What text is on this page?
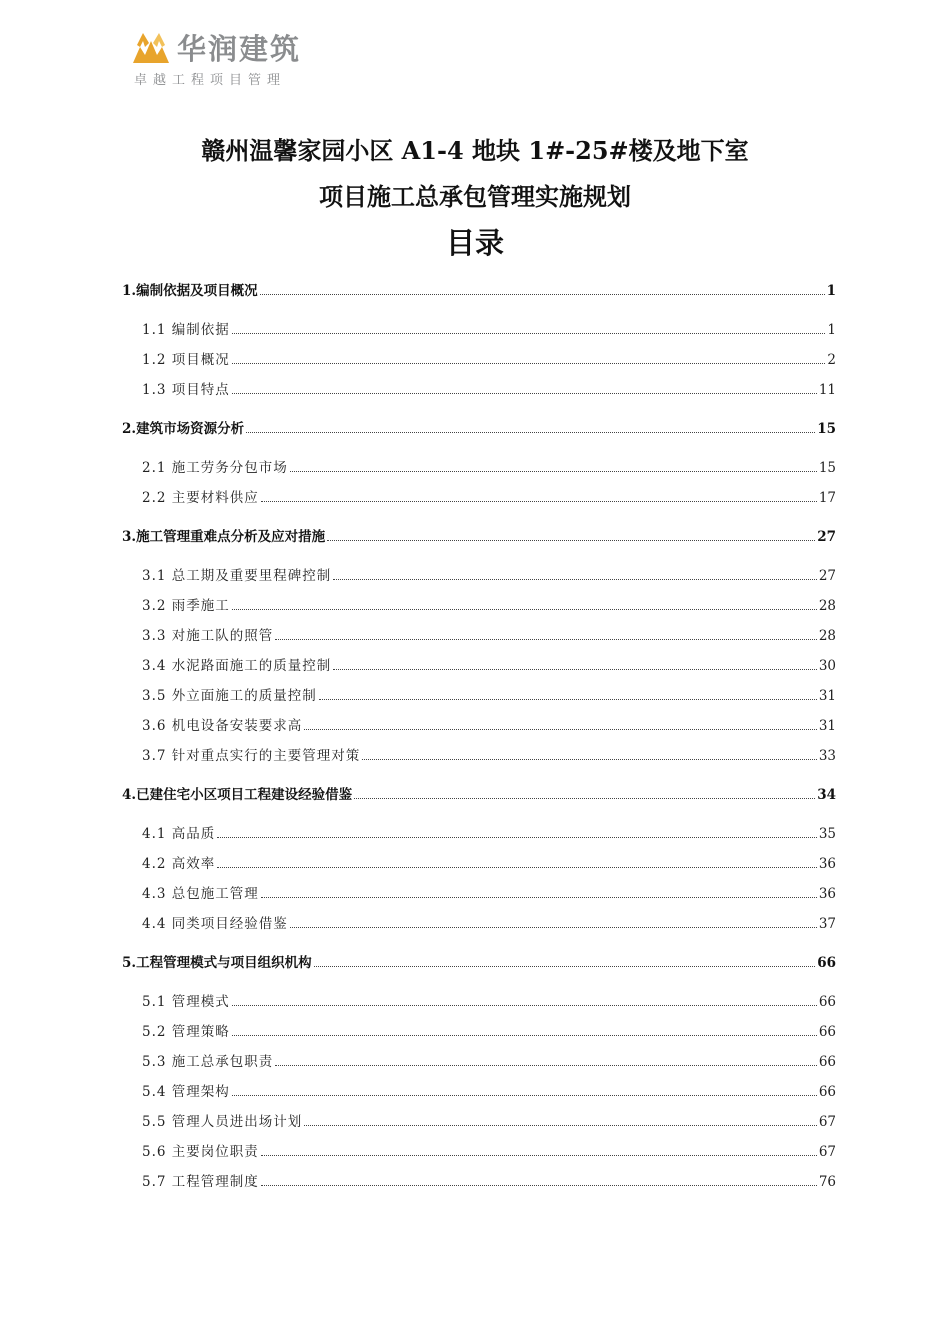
华润建筑
卓越工程项目管理
赣州温馨家园小区 A1-4 地块 1#-25#楼及地下室
项目施工总承包管理实施规划
目录
1.编制依据及项目概况	1
1.1 编制依据	1
1.2 项目概况	2
1.3 项目特点	11
2.建筑市场资源分析	15
2.1 施工劳务分包市场	15
2.2 主要材料供应	17
3.施工管理重难点分析及应对措施	27
3.1 总工期及重要里程碑控制	27
3.2 雨季施工	28
3.3 对施工队的照管	28
3.4 水泥路面施工的质量控制	30
3.5 外立面施工的质量控制	31
3.6 机电设备安装要求高	31
3.7 针对重点实行的主要管理对策	33
4.已建住宅小区项目工程建设经验借鉴	34
4.1 高品质	35
4.2 高效率	36
4.3 总包施工管理	36
4.4 同类项目经验借鉴	37
5.工程管理模式与项目组织机构	66
5.1 管理模式	66
5.2 管理策略	66
5.3 施工总承包职责	66
5.4 管理架构	66
5.5 管理人员进出场计划	67
5.6 主要岗位职责	67
5.7 工程管理制度	76
